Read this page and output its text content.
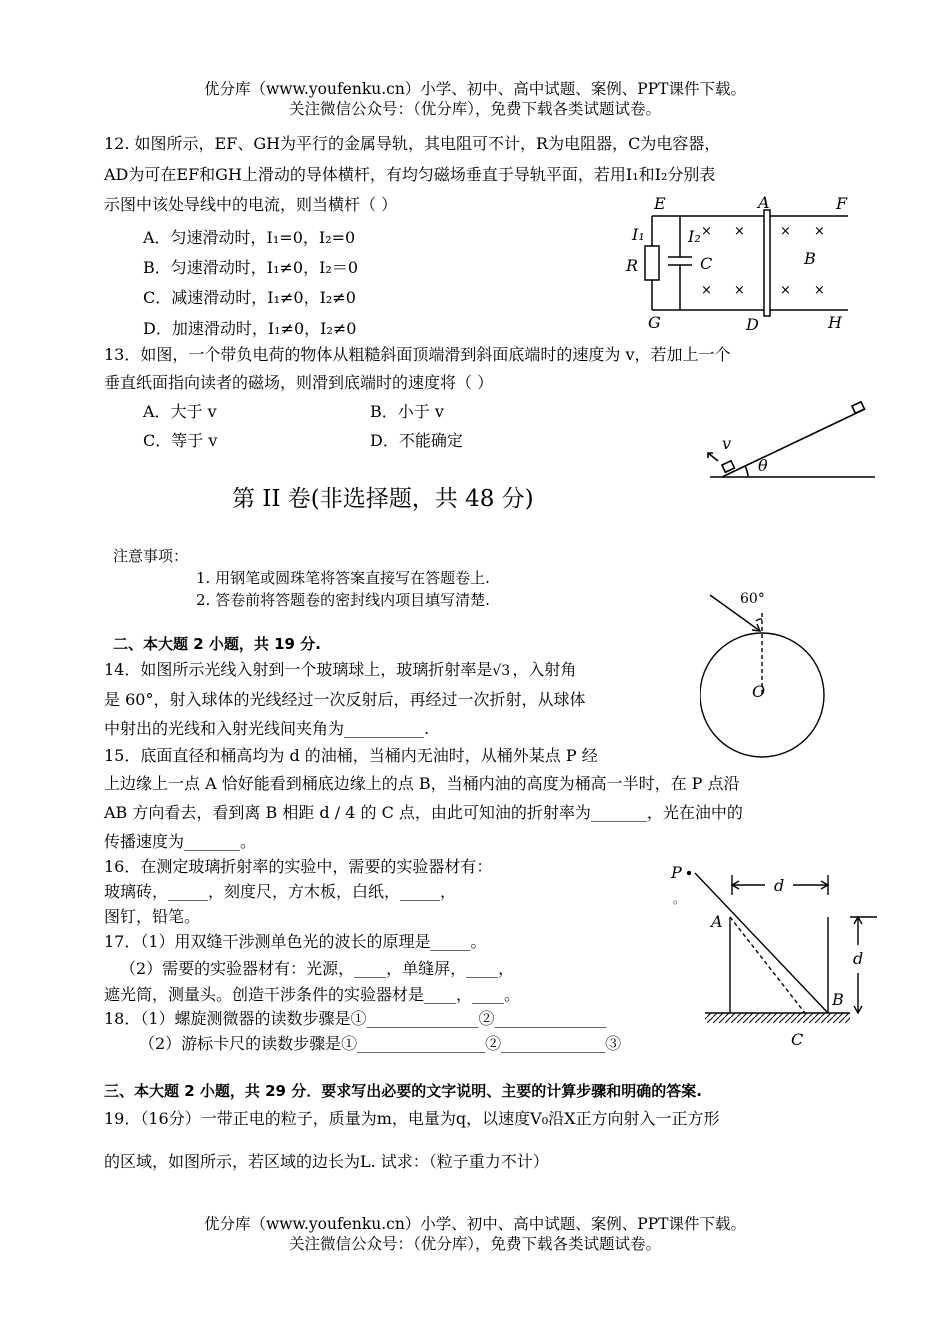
优分库（www.youfenku.cn）小学、初中、高中试题、案例、PPT课件下载。
关注微信公众号：（优分库），免费下载各类试题试卷。
12. 如图所示，EF、GH为平行的金属导轨，其电阻可不计，R为电阻器，C为电容器，
AD为可在EF和GH上滑动的导体横杆，有均匀磁场垂直于导轨平面，若用I₁和I₂分别表
示图中该处导线中的电流，则当横杆（ ）
A．匀速滑动时，I₁=0，I₂=0
B．匀速滑动时，I₁≠0，I₂＝0
C．减速滑动时，I₁≠0，I₂≠0
D．加速滑动时，I₁≠0，I₂≠0
E	A	F
I₁	I₂
R	C	B
G	D	H
× ×	× ×
× ×	× ×
13．如图，一个带负电荷的物体从粗糙斜面顶端滑到斜面底端时的速度为 v，若加上一个
垂直纸面指向读者的磁场，则滑到底端时的速度将（ ）
A．大于 v	B．小于 v
C．等于 v	D．不能确定	v
θ
第 II 卷(非选择题，共 48 分)
注意事项：
1. 用钢笔或圆珠笔将答案直接写在答题卷上.
2. 答卷前将答题卷的密封线内项目填写清楚.
二、本大题 2 小题，共 19 分.
14．如图所示光线入射到一个玻璃球上，玻璃折射率是√3 ，入射角
是 60°，射入球体的光线经过一次反射后，再经过一次折射，从球体
中射出的光线和入射光线间夹角为__________.
60°
O
15．底面直径和桶高均为 d 的油桶，当桶内无油时，从桶外某点 P 经
上边缘上一点 A 恰好能看到桶底边缘上的点 B，当桶内油的高度为桶高一半时，在 P 点沿
AB 方向看去，看到离 B 相距 d / 4 的 C 点，由此可知油的折射率为_______，光在油中的
传播速度为_______。
P
A
B
C
d
d
。
16．在测定玻璃折射率的实验中，需要的实验器材有：
玻璃砖，_____，刻度尺，方木板，白纸，_____，
图钉，铅笔。
17．（1）用双缝干涉测单色光的波长的原理是_____。
（2）需要的实验器材有：光源，____，单缝屏，____，
遮光筒，测量头。创造干涉条件的实验器材是____，____。
18．（1）螺旋测微器的读数步骤是①______________②______________
（2）游标卡尺的读数步骤是①________________②_____________③
三、本大题 2 小题，共 29 分．要求写出必要的文字说明、主要的计算步骤和明确的答案.
19．（16分）一带正电的粒子，质量为m，电量为q，以速度V₀沿X正方向射入一正方形
的区域，如图所示，若区域的边长为L. 试求：（粒子重力不计）
优分库（www.youfenku.cn）小学、初中、高中试题、案例、PPT课件下载。
关注微信公众号：（优分库），免费下载各类试题试卷。
